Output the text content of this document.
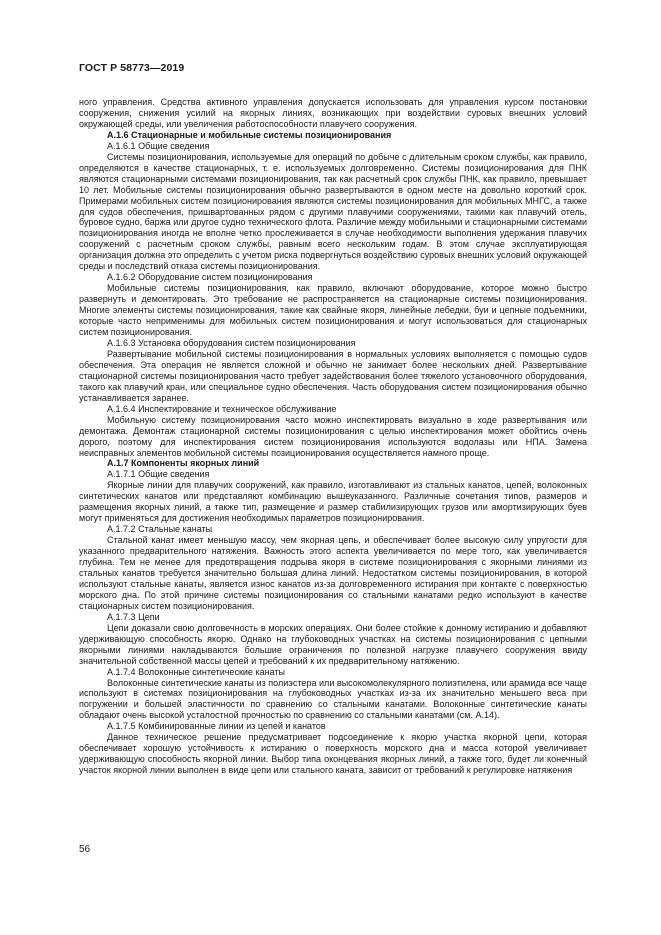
ГОСТ Р 58773—2019

ного управления. Средства активного управления допускается использовать для управления курсом постановки сооружения, снижения усилий на якорных линиях, возникающих при воздействии суровых внешних условий окружающей среды, или увеличения работоспособности плавучего сооружения.

А.1.6 Стационарные и мобильные системы позиционирования

А.1.6.1 Общие сведения

Системы позиционирования, используемые для операций по добыче с длительным сроком службы, как правило, определяются в качестве стационарных, т. е. используемых долговременно. Системы позиционирования для ПНК являются стационарными системами позиционирования, так как расчетный срок службы ПНК, как правило, превышает 10 лет. Мобильные системы позиционирования обычно развертываются в одном месте на довольно короткий срок. Примерами мобильных систем позиционирования являются системы позиционирования для мобильных МНГС, а также для судов обеспечения, пришвартованных рядом с другими плавучими сооружениями, такими как плавучий отель, буровое судно, баржа или другое судно технического флота. Различие между мобильными и стационарными системами позиционирования иногда не вполне четко прослеживается в случае необходимости выполнения удержания плавучих сооружений с расчетным сроком службы, равным всего нескольким годам. В этом случае эксплуатирующая организация должна это определить с учетом риска подвергнуться воздействию суровых внешних условий окружающей среды и последствий отказа системы позиционирования.

А.1.6.2 Оборудование систем позиционирования

Мобильные системы позиционирования, как правило, включают оборудование, которое можно быстро развернуть и демонтировать. Это требование не распространяется на стационарные системы позиционирования. Многие элементы системы позиционирования, такие как свайные якоря, линейные лебедки, буи и цепные подъемники, которые часто неприменимы для мобильных систем позиционирования и могут использоваться для стационарных систем позиционирования.

А.1.6.3 Установка оборудования систем позиционирования

Развертывание мобильной системы позиционирования в нормальных условиях выполняется с помощью судов обеспечения. Эта операция не является сложной и обычно не занимает более нескольких дней. Развертывание стационарной системы позиционирования часто требует задействования более тяжелого установочного оборудования, такого как плавучий кран, или специальное судно обеспечения. Часть оборудования систем позиционирования обычно устанавливается заранее.

А.1.6.4 Инспектирование и техническое обслуживание

Мобильную систему позиционирования часто можно инспектировать визуально в ходе развертывания или демонтажа. Демонтаж стационарной системы позиционирования с целью инспектирования может обойтись очень дорого, поэтому для инспектирования систем позиционирования используются водолазы или НПА. Замена неисправных элементов мобильной системы позиционирования осуществляется намного проще.

А.1.7 Компоненты якорных линий

А.1.7.1 Общие сведения

Якорные линии для плавучих сооружений, как правило, изготавливают из стальных канатов, цепей, волоконных синтетических канатов или представляют комбинацию вышеуказанного. Различные сочетания типов, размеров и размещения якорных линий, а также тип, размещение и размер стабилизирующих грузов или амортизирующих буев могут применяться для достижения необходимых параметров позиционирования.

А.1.7.2 Стальные канаты

Стальной канат имеет меньшую массу, чем якорная цепь, и обеспечивает более высокую силу упругости для указанного предварительного натяжения. Важность этого аспекта увеличивается по мере того, как увеличивается глубина. Тем не менее для предотвращения подрыва якоря в системе позиционирования с якорными линиями из стальных канатов требуется значительно большая длина линий. Недостатком системы позиционирования, в которой используют стальные канаты, является износ канатов из-за долговременного истирания при контакте с поверхностью морского дна. По этой причине системы позиционирования со стальными канатами редко используют в качестве стационарных систем позиционирования.

А.1.7.3 Цепи

Цепи доказали свою долговечность в морских операциях. Они более стойкие к донному истиранию и добавляют удерживающую способность якорю. Однако на глубоководных участках на системы позиционирования с цепными якорными линиями накладываются большие ограничения по полезной нагрузке плавучего сооружения ввиду значительной собственной массы цепей и требований к их предварительному натяжению.

А.1.7.4 Волоконные синтетические канаты

Волоконные синтетические канаты из полиэстера или высокомолекулярного полиэтилена, или арамида все чаще используют в системах позиционирования на глубоководных участках из-за их значительно меньшего веса при погружении и большей эластичности по сравнению со стальными канатами. Волоконные синтетические канаты обладают очень высокой усталостной прочностью по сравнению со стальными канатами (см. А.14).

А.1.7.5 Комбинированные линии из цепей и канатов

Данное техническое решение предусматривает подсоединение к якорю участка якорной цепи, которая обеспечивает хорошую устойчивость к истиранию о поверхность морского дна и масса которой увеличивает удерживающую способность якорной линии. Выбор типа оконцевания якорных линий, а также того, будет ли конечный участок якорной линии выполнен в виде цепи или стального каната, зависит от требований к регулировке натяжения

56
